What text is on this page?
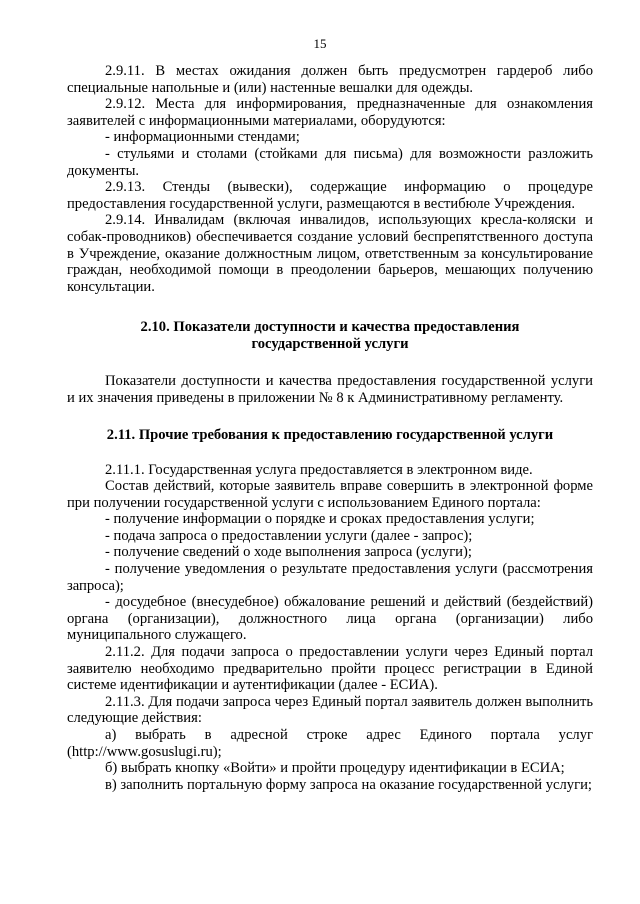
15

2.9.11. В местах ожидания должен быть предусмотрен гардероб либо специальные напольные и (или) настенные вешалки для одежды.

2.9.12. Места для информирования, предназначенные для ознакомления заявителей с информационными материалами, оборудуются:

- информационными стендами;

- стульями и столами (стойками для письма) для возможности разложить документы.

2.9.13. Стенды (вывески), содержащие информацию о процедуре предоставления государственной услуги, размещаются в вестибюле Учреждения.

2.9.14. Инвалидам (включая инвалидов, использующих кресла-коляски и собак-проводников) обеспечивается создание условий беспрепятственного доступа в Учреждение, оказание должностным лицом, ответственным за консультирование граждан, необходимой помощи в преодолении барьеров, мешающих получению консультации.

2.10. Показатели доступности и качества предоставления

государственной услуги

Показатели доступности и качества предоставления государственной услуги и их значения приведены в приложении № 8 к Административному регламенту.

2.11. Прочие требования к предоставлению государственной услуги

2.11.1. Государственная услуга предоставляется в электронном виде.

Состав действий, которые заявитель вправе совершить в электронной форме при получении государственной услуги с использованием Единого портала:

- получение информации о порядке и сроках предоставления услуги;

- подача запроса о предоставлении услуги (далее - запрос);

- получение сведений о ходе выполнения запроса (услуги);

- получение уведомления о результате предоставления услуги (рассмотрения запроса);

- досудебное (внесудебное) обжалование решений и действий (бездействий) органа (организации), должностного лица органа (организации) либо муниципального служащего.

2.11.2. Для подачи запроса о предоставлении услуги через Единый портал заявителю необходимо предварительно пройти процесс регистрации в Единой системе идентификации и аутентификации (далее - ЕСИА).

2.11.3. Для подачи запроса через Единый портал заявитель должен выполнить следующие действия:

а) выбрать в адресной строке адрес Единого портала услуг (http://www.gosuslugi.ru);

б) выбрать кнопку «Войти» и пройти процедуру идентификации в ЕСИА;

в) заполнить портальную форму запроса на оказание государственной услуги;
